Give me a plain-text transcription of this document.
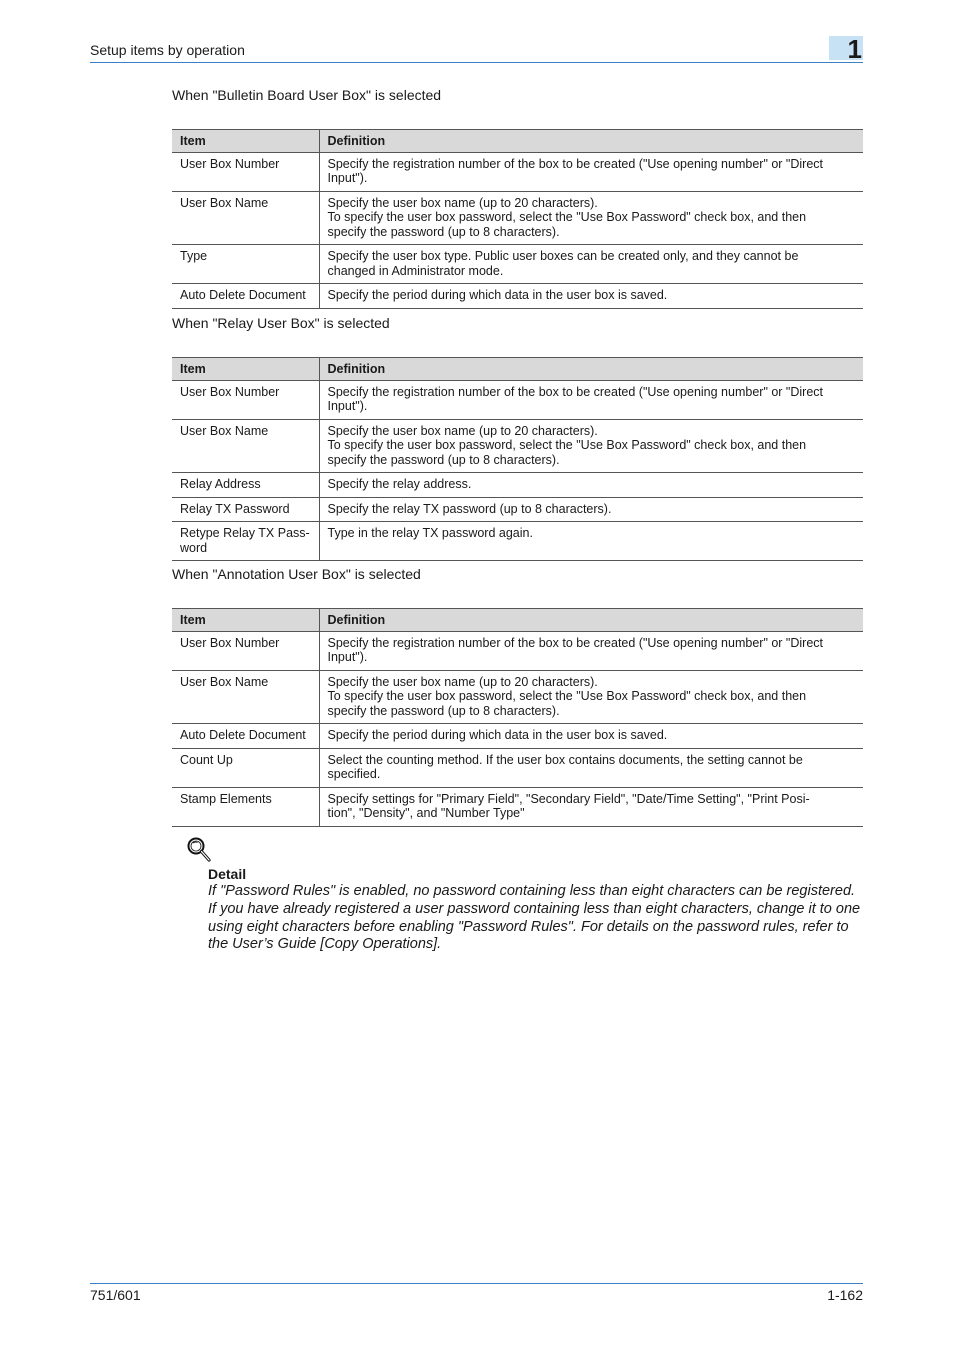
Setup items by operation	1
When "Bulletin Board User Box" is selected
Item	Definition

User Box Number	Specify the registration number of the box to be created ("Use opening number" or "Direct
Input").

User Box Name	Specify the user box name (up to 20 characters).
To specify the user box password, select the "Use Box Password" check box, and then
specify the password (up to 8 characters).

Type	Specify the user box type. Public user boxes can be created only, and they cannot be
changed in Administrator mode.

Auto Delete Document	Specify the period during which data in the user box is saved.
When "Relay User Box" is selected
Item	Definition

User Box Number	Specify the registration number of the box to be created ("Use opening number" or "Direct
Input").

User Box Name	Specify the user box name (up to 20 characters).
To specify the user box password, select the "Use Box Password" check box, and then
specify the password (up to 8 characters).

Relay Address	Specify the relay address.

Relay TX Password	Specify the relay TX password (up to 8 characters).

Retype Relay TX Pass-
word	Type in the relay TX password again.
When "Annotation User Box" is selected
Item	Definition

User Box Number	Specify the registration number of the box to be created ("Use opening number" or "Direct
Input").

User Box Name	Specify the user box name (up to 20 characters).
To specify the user box password, select the "Use Box Password" check box, and then
specify the password (up to 8 characters).

Auto Delete Document	Specify the period during which data in the user box is saved.

Count Up	Select the counting method. If the user box contains documents, the setting cannot be
specified.

Stamp Elements	Specify settings for "Primary Field", "Secondary Field", "Date/Time Setting", "Print Posi-
tion", "Density", and "Number Type"
Detail
If "Password Rules" is enabled, no password containing less than eight characters can be registered.
If you have already registered a user password containing less than eight characters, change it to one
using eight characters before enabling "Password Rules". For details on the password rules, refer to
the User’s Guide [Copy Operations].
751/601	1-162
